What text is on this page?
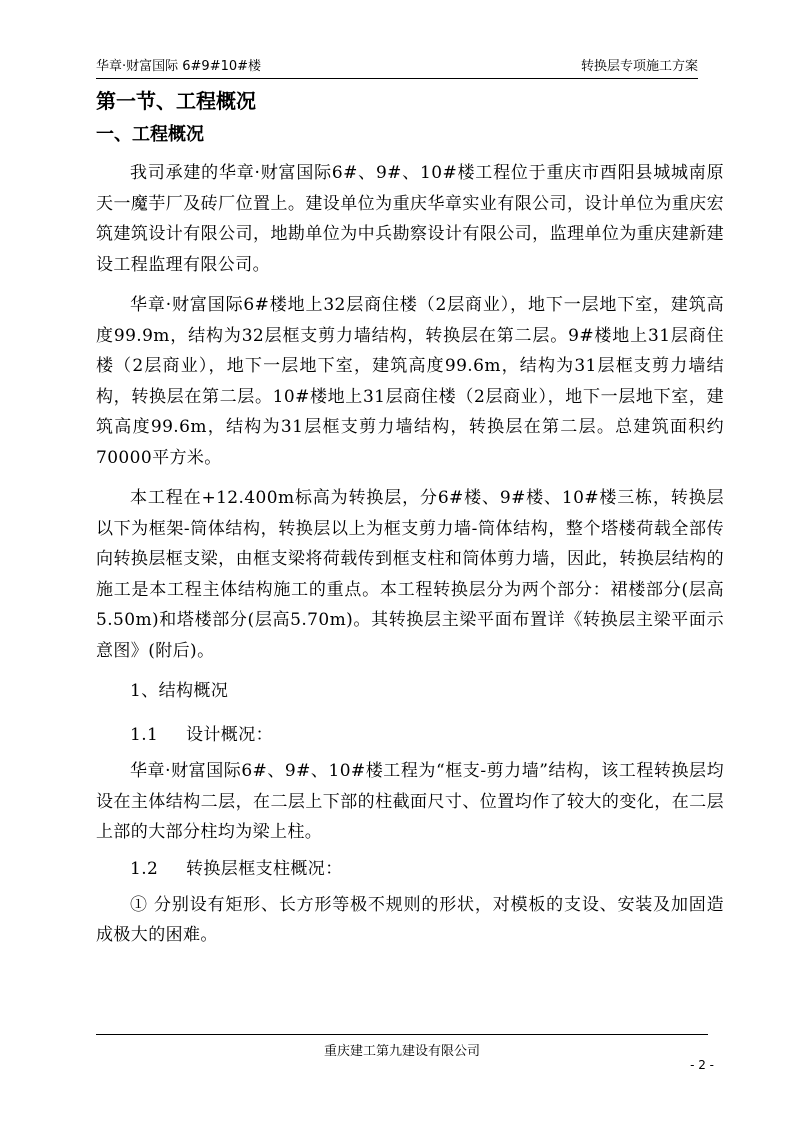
华章·财富国际 6#9#10#楼	转换层专项施工方案
第一节、工程概况
一、工程概况

我司承建的华章·财富国际6#、9#、10#楼工程位于重庆市酉阳县城城南原天一魔芋厂及砖厂位置上。建设单位为重庆华章实业有限公司，设计单位为重庆宏筑建筑设计有限公司，地勘单位为中兵勘察设计有限公司，监理单位为重庆建新建设工程监理有限公司。

华章·财富国际6#楼地上32层商住楼（2层商业），地下一层地下室，建筑高度99.9m，结构为32层框支剪力墙结构，转换层在第二层。9#楼地上31层商住楼（2层商业），地下一层地下室，建筑高度99.6m，结构为31层框支剪力墙结构，转换层在第二层。10#楼地上31层商住楼（2层商业），地下一层地下室，建筑高度99.6m，结构为31层框支剪力墙结构，转换层在第二层。总建筑面积约70000平方米。

本工程在+12.400m标高为转换层，分6#楼、9#楼、10#楼三栋，转换层以下为框架-筒体结构，转换层以上为框支剪力墙-筒体结构，整个塔楼荷载全部传向转换层框支梁，由框支梁将荷载传到框支柱和筒体剪力墙，因此，转换层结构的施工是本工程主体结构施工的重点。本工程转换层分为两个部分：裙楼部分(层高5.50m)和塔楼部分(层高5.70m)。其转换层主梁平面布置详《转换层主梁平面示意图》(附后)。

1、结构概况
1.1 设计概况：

华章·财富国际6#、9#、10#楼工程为“框支-剪力墙”结构，该工程转换层均设在主体结构二层，在二层上下部的柱截面尺寸、位置均作了较大的变化，在二层上部的大部分柱均为梁上柱。

1.2 转换层框支柱概况：

① 分别设有矩形、长方形等极不规则的形状，对模板的支设、安装及加固造成极大的困难。

重庆建工第九建设有限公司
- 2 -
